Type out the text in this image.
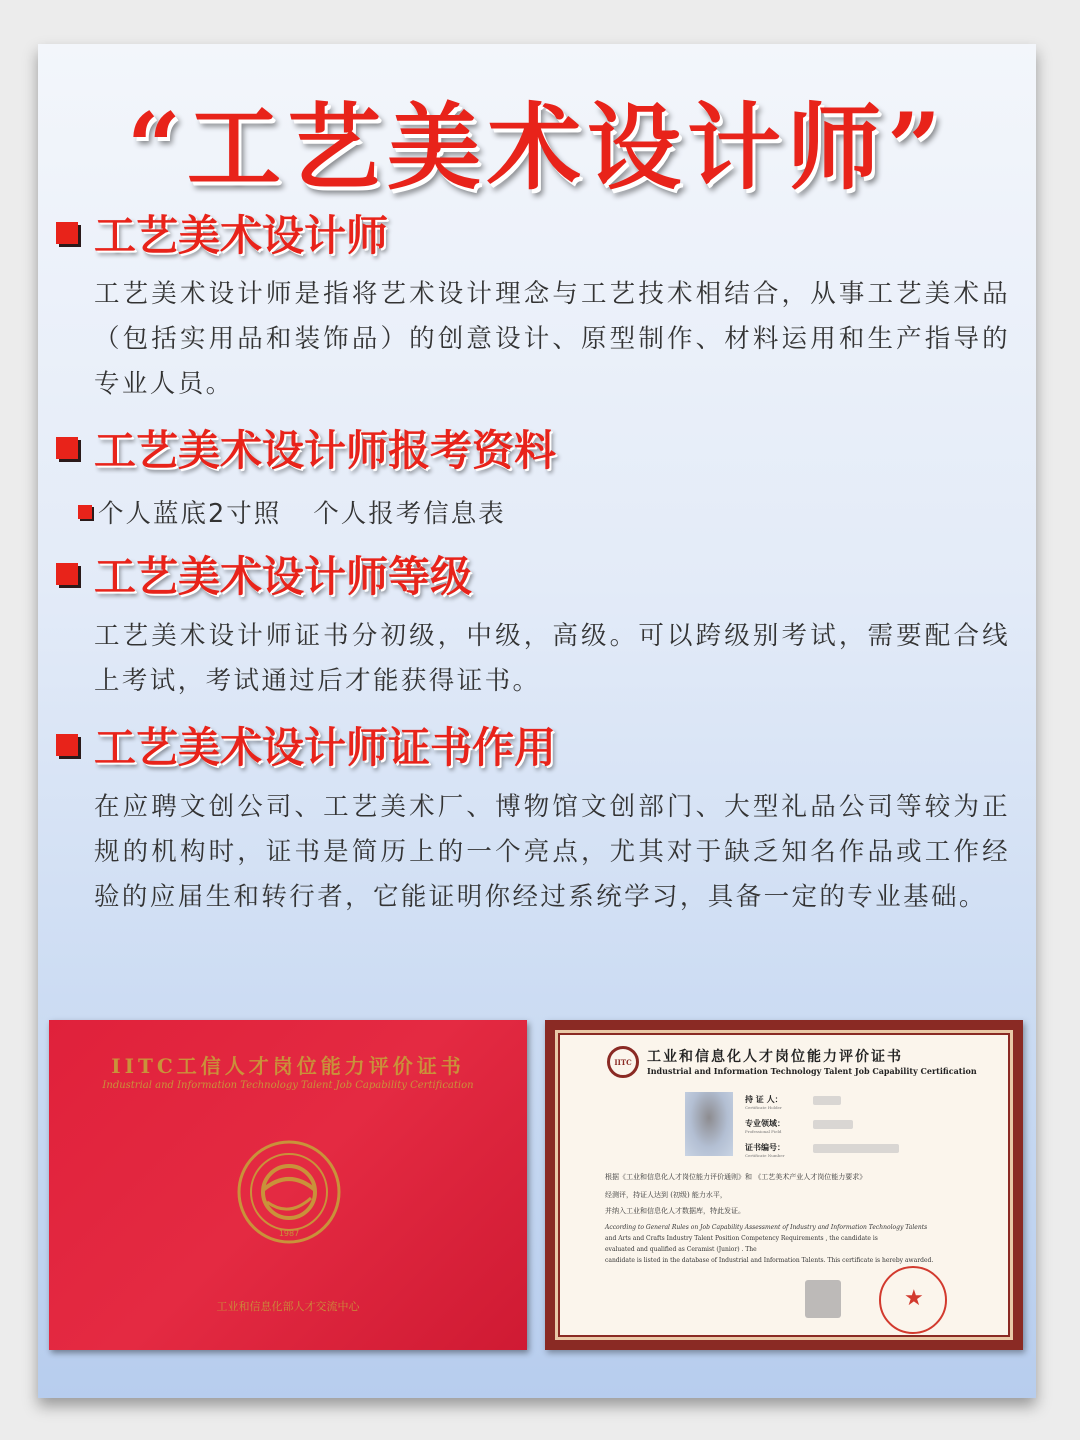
“工艺美术设计师”
工艺美术设计师
工艺美术设计师是指将艺术设计理念与工艺技术相结合，从事工艺美术品（包括实用品和装饰品）的创意设计、原型制作、材料运用和生产指导的专业人员。
工艺美术设计师报考资料
个人蓝底2寸照 个人报考信息表
工艺美术设计师等级
工艺美术设计师证书分初级，中级，高级。可以跨级别考试，需要配合线上考试，考试通过后才能获得证书。
工艺美术设计师证书作用
在应聘文创公司、工艺美术厂、博物馆文创部门、大型礼品公司等较为正规的机构时，证书是简历上的一个亮点，尤其对于缺乏知名作品或工作经验的应届生和转行者，它能证明你经过系统学习，具备一定的专业基础。
IITC工信人才岗位能力评价证书
Industrial and Information Technology Talent Job Capability Certification
1987
工业和信息化部人才交流中心
IITC	工业和信息化人才岗位能力评价证书
Industrial and Information Technology Talent Job Capability Certification
持 证 人：
Certificate Holder
专业领域：
Professional Field
证书编号：
Certificate Number
根据《工业和信息化人才岗位能力评价通则》和 《工艺美术产业人才岗位能力要求》
经测评，持证人达到 (初级) 能力水平，
并纳入工业和信息化人才数据库，特此发证。
According to General Rules on Job Capability Assessment of Industry and Information Technology Talents
and Arts and Crafts Industry Talent Position Competency Requirements , the candidate is
evaluated and qualified as Ceramist (Junior) . The
candidate is listed in the database of Industrial and Information Talents. This certificate is hereby awarded.
★
